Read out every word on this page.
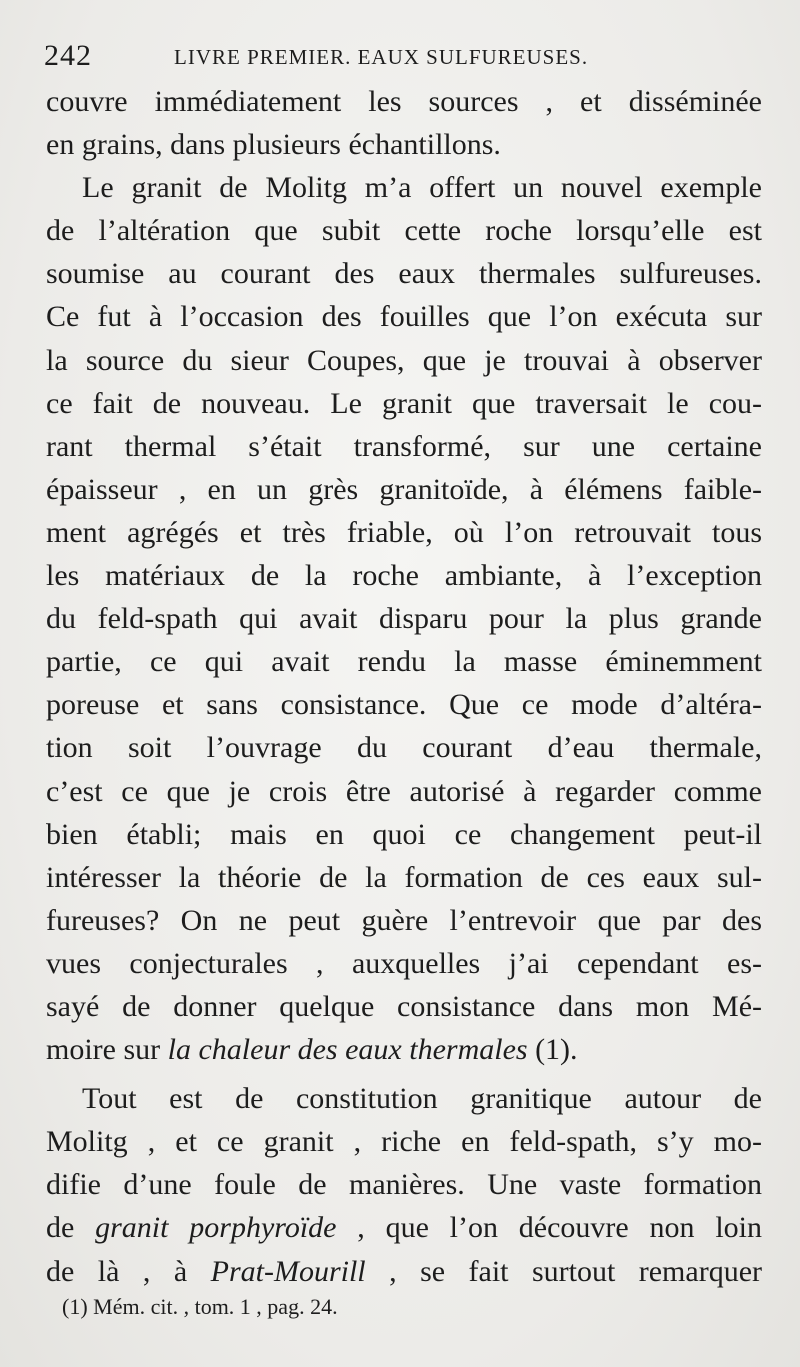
242	LIVRE PREMIER. EAUX SULFUREUSES.
couvre immédiatement les sources , et disséminée
en grains, dans plusieurs échantillons.
Le granit de Molitg m’a offert un nouvel exemple
de l’altération que subit cette roche lorsqu’elle est
soumise au courant des eaux thermales sulfureuses.
Ce fut à l’occasion des fouilles que l’on exécuta sur
la source du sieur Coupes, que je trouvai à observer
ce fait de nouveau. Le granit que traversait le cou-
rant thermal s’était transformé, sur une certaine
épaisseur , en un grès granitoïde, à élémens faible-
ment agrégés et très friable, où l’on retrouvait tous
les matériaux de la roche ambiante, à l’exception
du feld-spath qui avait disparu pour la plus grande
partie, ce qui avait rendu la masse éminemment
poreuse et sans consistance. Que ce mode d’altéra-
tion soit l’ouvrage du courant d’eau thermale,
c’est ce que je crois être autorisé à regarder comme
bien établi; mais en quoi ce changement peut-il
intéresser la théorie de la formation de ces eaux sul-
fureuses? On ne peut guère l’entrevoir que par des
vues conjecturales , auxquelles j’ai cependant es-
sayé de donner quelque consistance dans mon Mé-
moire sur la chaleur des eaux thermales (1).
Tout est de constitution granitique autour de
Molitg , et ce granit , riche en feld-spath, s’y mo-
difie d’une foule de manières. Une vaste formation
de granit porphyroïde , que l’on découvre non loin
de là , à Prat-Mourill , se fait surtout remarquer
(1) Mém. cit. , tom. 1 , pag. 24.
